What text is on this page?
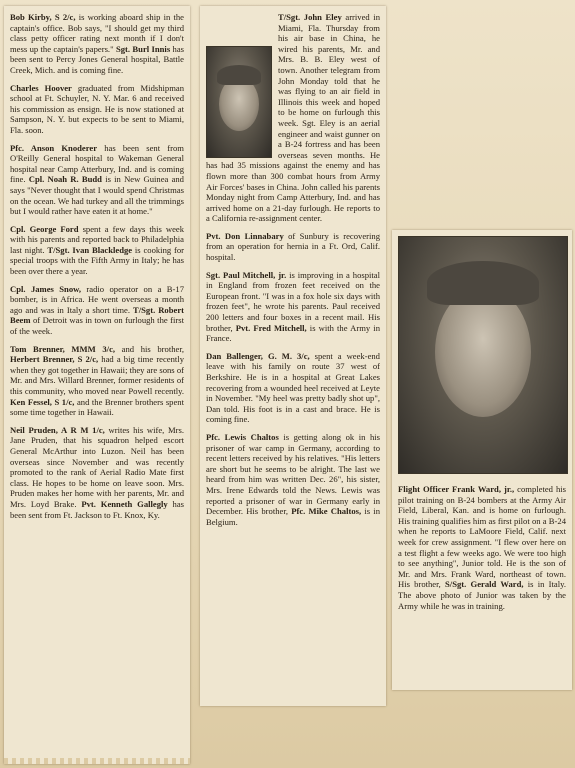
Bob Kirby, S 2/c, is working aboard ship in the captain's office. Bob says, "I should get my third class petty officer rating next month if I don't mess up the captain's papers." Sgt. Burl Innis has been sent to Percy Jones General hospital, Battle Creek, Mich. and is coming fine.

Charles Hoover graduated from Midshipman school at Ft. Schuyler, N. Y. Mar. 6 and received his commission as ensign. He is now stationed at Sampson, N. Y. but expects to be sent to Miami, Fla. soon.

Pfc. Anson Knoderer has been sent from O'Reilly General hospital to Wakeman General hospital near Camp Atterbury, Ind. and is coming fine. Cpl. Noah R. Budd is in New Guinea and says "Never thought that I would spend Christmas on the ocean. We had turkey and all the trimmings but I would rather have eaten it at home."

Cpl. George Ford spent a few days this week with his parents and reported back to Philadelphia last night. T/Sgt. Ivan Blackledge is cooking for special troops with the Fifth Army in Italy; he has been over there a year.

Cpl. James Snow, radio operator on a B-17 bomber, is in Africa. He went overseas a month ago and was in Italy a short time. T/Sgt. Robert Beem of Detroit was in town on furlough the first of the week.

Tom Brenner, MMM 3/c, and his brother, Herbert Brenner, S 2/c, had a big time recently when they got together in Hawaii; they are sons of Mr. and Mrs. Willard Brenner, former residents of this community, who moved near Powell recently. Ken Fessel, S 1/c, and the Brenner brothers spent some time together in Hawaii.

Neil Pruden, A R M 1/c, writes his wife, Mrs. Jane Pruden, that his squadron helped escort General McArthur into Luzon. Neil has been overseas since November and was recently promoted to the rank of Aerial Radio Mate first class. He hopes to be home on leave soon. Mrs. Pruden makes her home with her parents, Mr. and Mrs. Loyd Brake. Pvt. Kenneth Gallegly has been sent from Ft. Jackson to Ft. Knox, Ky.

T/Sgt. John Eley arrived in Miami, Fla. Thursday from his air base in China, he wired his parents, Mr. and Mrs. B. B. Eley west of town. Another telegram from John Monday told that he was flying to an air field in Illinois this week and hoped to be home on furlough this week. Sgt. Eley is an aerial engineer and waist gunner on a B-24 fortress and has been overseas seven months. He has had 35 missions against the enemy and has flown more than 300 combat hours from Army Air Forces' bases in China. John called his parents Monday night from Camp Atterbury, Ind. and has arrived home on a 21-day furlough. He reports to a California re-assignment center.

Pvt. Don Linnabary of Sunbury is recovering from an operation for hernia in a Ft. Ord, Calif. hospital.

Sgt. Paul Mitchell, jr. is improving in a hospital in England from frozen feet received on the European front. "I was in a fox hole six days with frozen feet", he wrote his parents. Paul received 200 letters and four boxes in a recent mail. His brother, Pvt. Fred Mitchell, is with the Army in France.

Dan Ballenger, G. M. 3/c, spent a week-end leave with his family on route 37 west of Berkshire. He is in a hospital at Great Lakes recovering from a wounded heel received at Leyte in November. "My heel was pretty badly shot up", Dan told. His foot is in a cast and brace. He is coming fine.

Pfc. Lewis Chaltos is getting along ok in his prisoner of war camp in Germany, according to recent letters received by his relatives. "His letters are short but he seems to be alright. The last we heard from him was written Dec. 26", his sister, Mrs. Irene Edwards told the News. Lewis was reported a prisoner of war in Germany early in December. His brother, Pfc. Mike Chaltos, is in Belgium.

Flight Officer Frank Ward, jr., completed his pilot training on B-24 bombers at the Army Air Field, Liberal, Kan. and is home on furlough. His training qualifies him as first pilot on a B-24 when he reports to LaMoore Field, Calif. next week for crew assignment. "I flew over here on a test flight a few weeks ago. We were too high to see anything", Junior told. He is the son of Mr. and Mrs. Frank Ward, northeast of town. His brother, S/Sgt. Gerald Ward, is in Italy. The above photo of Junior was taken by the Army while he was in training.
